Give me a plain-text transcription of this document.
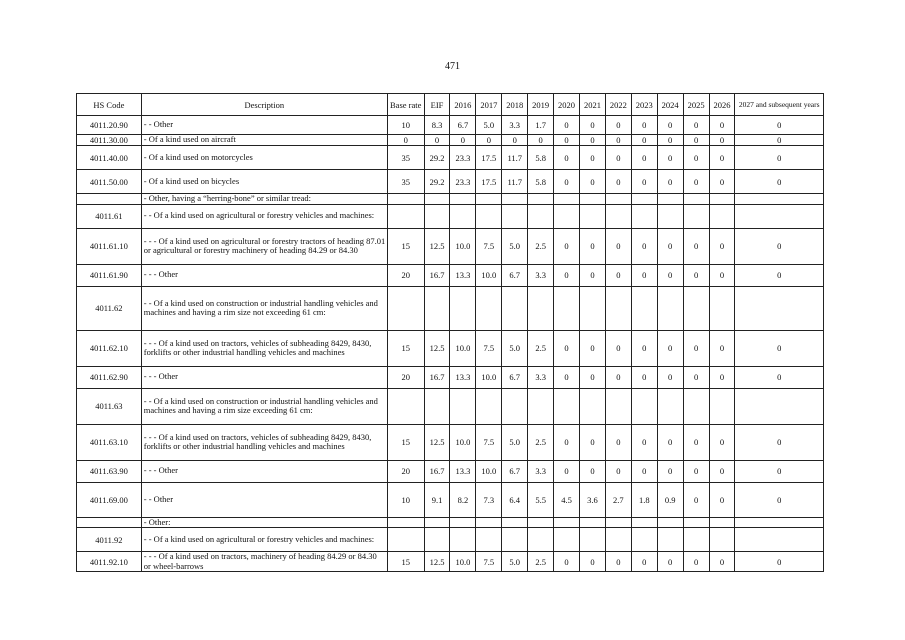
471
HS Code	Description	Base rate	EIF	2016	2017	2018	2019	2020	2021	2022	2023	2024	2025	2026	2027 and subsequent years
4011.20.90	- - Other	10	8.3	6.7	5.0	3.3	1.7	0	0	0	0	0	0	0	0
4011.30.00	- Of a kind used on aircraft	0	0	0	0	0	0	0	0	0	0	0	0	0	0
4011.40.00	- Of a kind used on motorcycles	35	29.2	23.3	17.5	11.7	5.8	0	0	0	0	0	0	0	0
4011.50.00	- Of a kind used on bicycles	35	29.2	23.3	17.5	11.7	5.8	0	0	0	0	0	0	0	0
	- Other, having a “herring-bone” or similar tread:														
4011.61	- - Of a kind used on agricultural or forestry vehicles and machines:														
4011.61.10	- - - Of a kind used on agricultural or forestry tractors of heading 87.01 or agricultural or forestry machinery of heading 84.29 or 84.30	15	12.5	10.0	7.5	5.0	2.5	0	0	0	0	0	0	0	0
4011.61.90	- - - Other	20	16.7	13.3	10.0	6.7	3.3	0	0	0	0	0	0	0	0
4011.62	- - Of a kind used on construction or industrial handling vehicles and machines and having a rim size not exceeding 61 cm:														
4011.62.10	- - - Of a kind used on tractors, vehicles of subheading 8429, 8430, forklifts or other industrial handling vehicles and machines	15	12.5	10.0	7.5	5.0	2.5	0	0	0	0	0	0	0	0
4011.62.90	- - - Other	20	16.7	13.3	10.0	6.7	3.3	0	0	0	0	0	0	0	0
4011.63	- - Of a kind used on construction or industrial handling vehicles and machines and having a rim size exceeding 61 cm:														
4011.63.10	- - - Of a kind used on tractors, vehicles of subheading 8429, 8430, forklifts or other industrial handling vehicles and machines	15	12.5	10.0	7.5	5.0	2.5	0	0	0	0	0	0	0	0
4011.63.90	- - - Other	20	16.7	13.3	10.0	6.7	3.3	0	0	0	0	0	0	0	0
4011.69.00	- - Other	10	9.1	8.2	7.3	6.4	5.5	4.5	3.6	2.7	1.8	0.9	0	0	0
	- Other:														
4011.92	- - Of a kind used on agricultural or forestry vehicles and machines:														
4011.92.10	- - - Of a kind used on tractors, machinery of heading 84.29 or 84.30 or wheel-barrows	15	12.5	10.0	7.5	5.0	2.5	0	0	0	0	0	0	0	0
